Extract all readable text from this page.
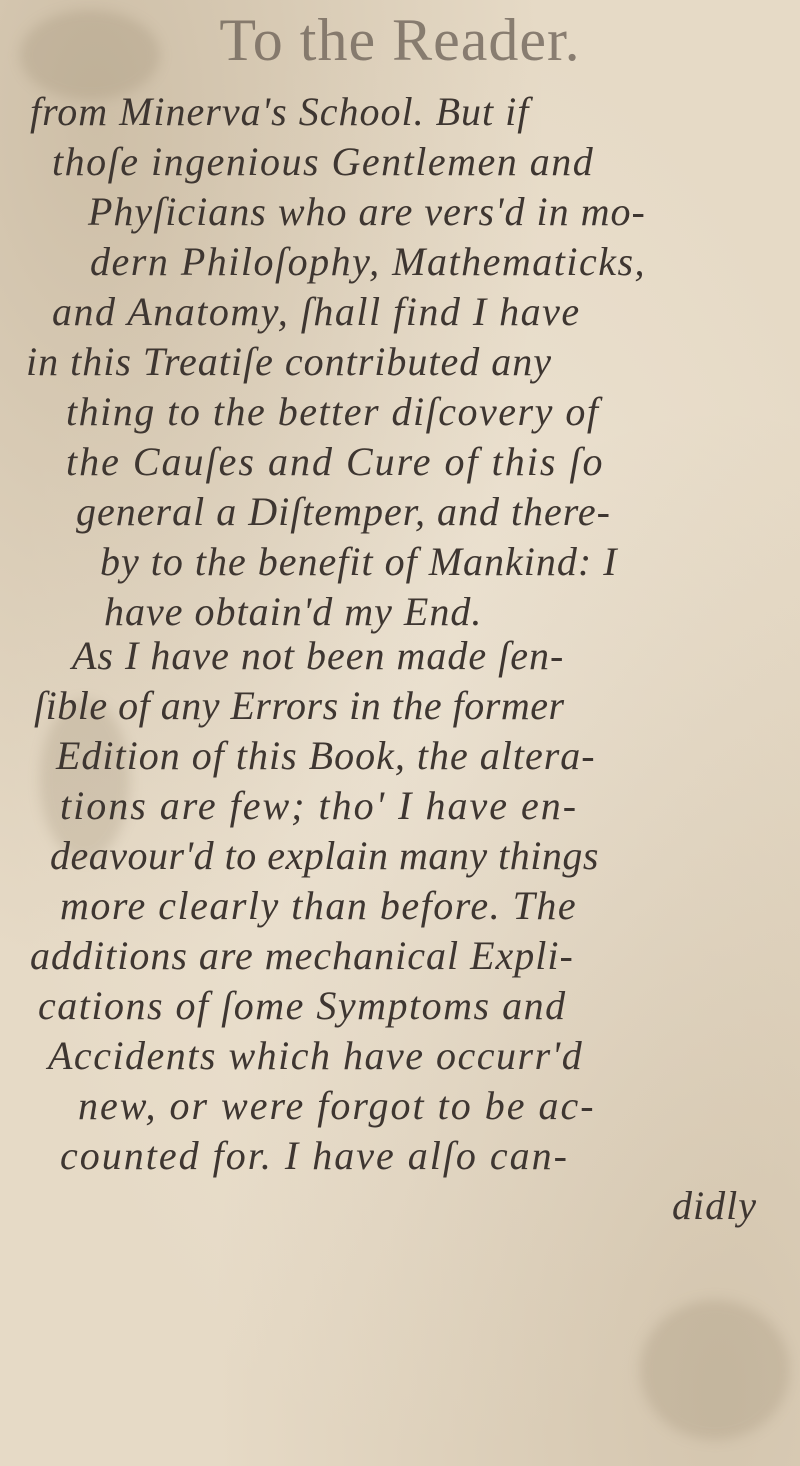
To the Reader.
from Minerva's School. But if
thoſe ingenious Gentlemen and
Phyſicians who are vers'd in mo-
dern Philoſophy, Mathematicks,
and Anatomy, ſhall find I have
in this Treatiſe contributed any
thing to the better diſcovery of
the Cauſes and Cure of this ſo
general a Diſtemper, and there-
by to the benefit of Mankind: I
have obtain'd my End.
As I have not been made ſen-
ſible of any Errors in the former
Edition of this Book, the altera-
tions are few; tho' I have en-
deavour'd to explain many things
more clearly than before. The
additions are mechanical Expli-
cations of ſome Symptoms and
Accidents which have occurr'd
new, or were forgot to be ac-
counted for. I have alſo can-
didly
